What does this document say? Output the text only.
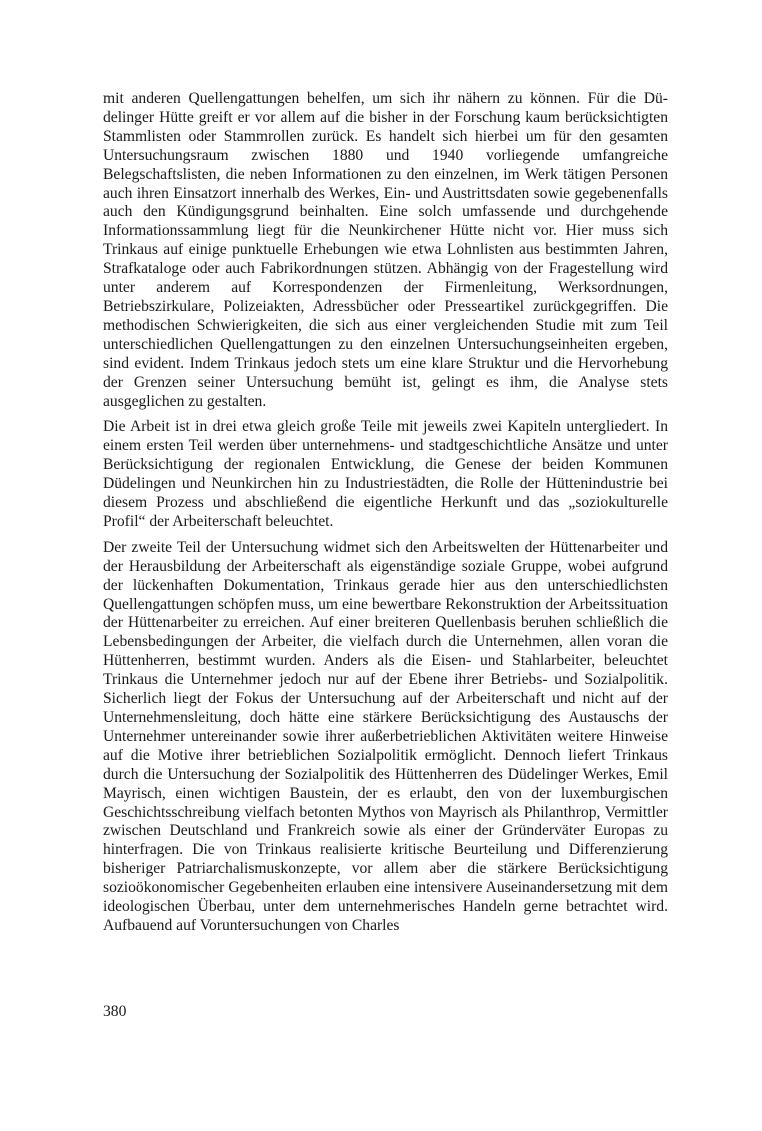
mit anderen Quellengattungen behelfen, um sich ihr nähern zu können. Für die Düdelinger Hütte greift er vor allem auf die bisher in der Forschung kaum berücksichtigten Stammlisten oder Stammrollen zurück. Es handelt sich hierbei um für den gesamten Untersuchungsraum zwischen 1880 und 1940 vorliegende umfangreiche Belegschaftslisten, die neben Informationen zu den einzelnen, im Werk tätigen Personen auch ihren Einsatzort innerhalb des Werkes, Ein- und Austrittsdaten sowie gegebenenfalls auch den Kündigungsgrund beinhalten. Eine solch umfassende und durchgehende Informationssammlung liegt für die Neunkirchener Hütte nicht vor. Hier muss sich Trinkaus auf einige punktuelle Erhebungen wie etwa Lohnlisten aus bestimmten Jahren, Strafkataloge oder auch Fabrikordnungen stützen. Abhängig von der Fragestellung wird unter anderem auf Korrespondenzen der Firmenleitung, Werksordnungen, Betriebszirkulare, Polizeiakten, Adressbücher oder Presseartikel zurückgegriffen. Die methodischen Schwierigkeiten, die sich aus einer vergleichenden Studie mit zum Teil unterschiedlichen Quellengattungen zu den einzelnen Untersuchungseinheiten ergeben, sind evident. Indem Trinkaus jedoch stets um eine klare Struktur und die Hervorhebung der Grenzen seiner Untersuchung bemüht ist, gelingt es ihm, die Analyse stets ausgeglichen zu gestalten.

Die Arbeit ist in drei etwa gleich große Teile mit jeweils zwei Kapiteln untergliedert. In einem ersten Teil werden über unternehmens- und stadtgeschichtliche Ansätze und unter Berücksichtigung der regionalen Entwicklung, die Genese der beiden Kommunen Düdelingen und Neunkirchen hin zu Industriestädten, die Rolle der Hüttenindustrie bei diesem Prozess und abschließend die eigentliche Herkunft und das „soziokulturelle Profil“ der Arbeiterschaft beleuchtet.

Der zweite Teil der Untersuchung widmet sich den Arbeitswelten der Hüttenarbeiter und der Herausbildung der Arbeiterschaft als eigenständige soziale Gruppe, wobei aufgrund der lückenhaften Dokumentation, Trinkaus gerade hier aus den unterschiedlichsten Quellengattungen schöpfen muss, um eine bewertbare Rekonstruktion der Arbeitssituation der Hüttenarbeiter zu erreichen. Auf einer breiteren Quellenbasis beruhen schließlich die Lebensbedingungen der Arbeiter, die vielfach durch die Unternehmen, allen voran die Hüttenherren, bestimmt wurden. Anders als die Eisen- und Stahlarbeiter, beleuchtet Trinkaus die Unternehmer jedoch nur auf der Ebene ihrer Betriebs- und Sozialpolitik. Sicherlich liegt der Fokus der Untersuchung auf der Arbeiterschaft und nicht auf der Unternehmensleitung, doch hätte eine stärkere Berücksichtigung des Austauschs der Unternehmer untereinander sowie ihrer außerbetrieblichen Aktivitäten weitere Hinweise auf die Motive ihrer betrieblichen Sozialpolitik ermöglicht. Dennoch liefert Trinkaus durch die Untersuchung der Sozialpolitik des Hüttenherren des Düdelinger Werkes, Emil Mayrisch, einen wichtigen Baustein, der es erlaubt, den von der luxemburgischen Geschichtsschreibung vielfach betonten Mythos von Mayrisch als Philanthrop, Vermittler zwischen Deutschland und Frankreich sowie als einer der Gründerväter Europas zu hinterfragen. Die von Trinkaus realisierte kritische Beurteilung und Differenzierung bisheriger Patriarchalismuskonzepte, vor allem aber die stärkere Berücksichtigung sozioökonomischer Gegebenheiten erlauben eine intensivere Auseinandersetzung mit dem ideologischen Überbau, unter dem unternehmerisches Handeln gerne betrachtet wird. Aufbauend auf Voruntersuchungen von Charles

380
